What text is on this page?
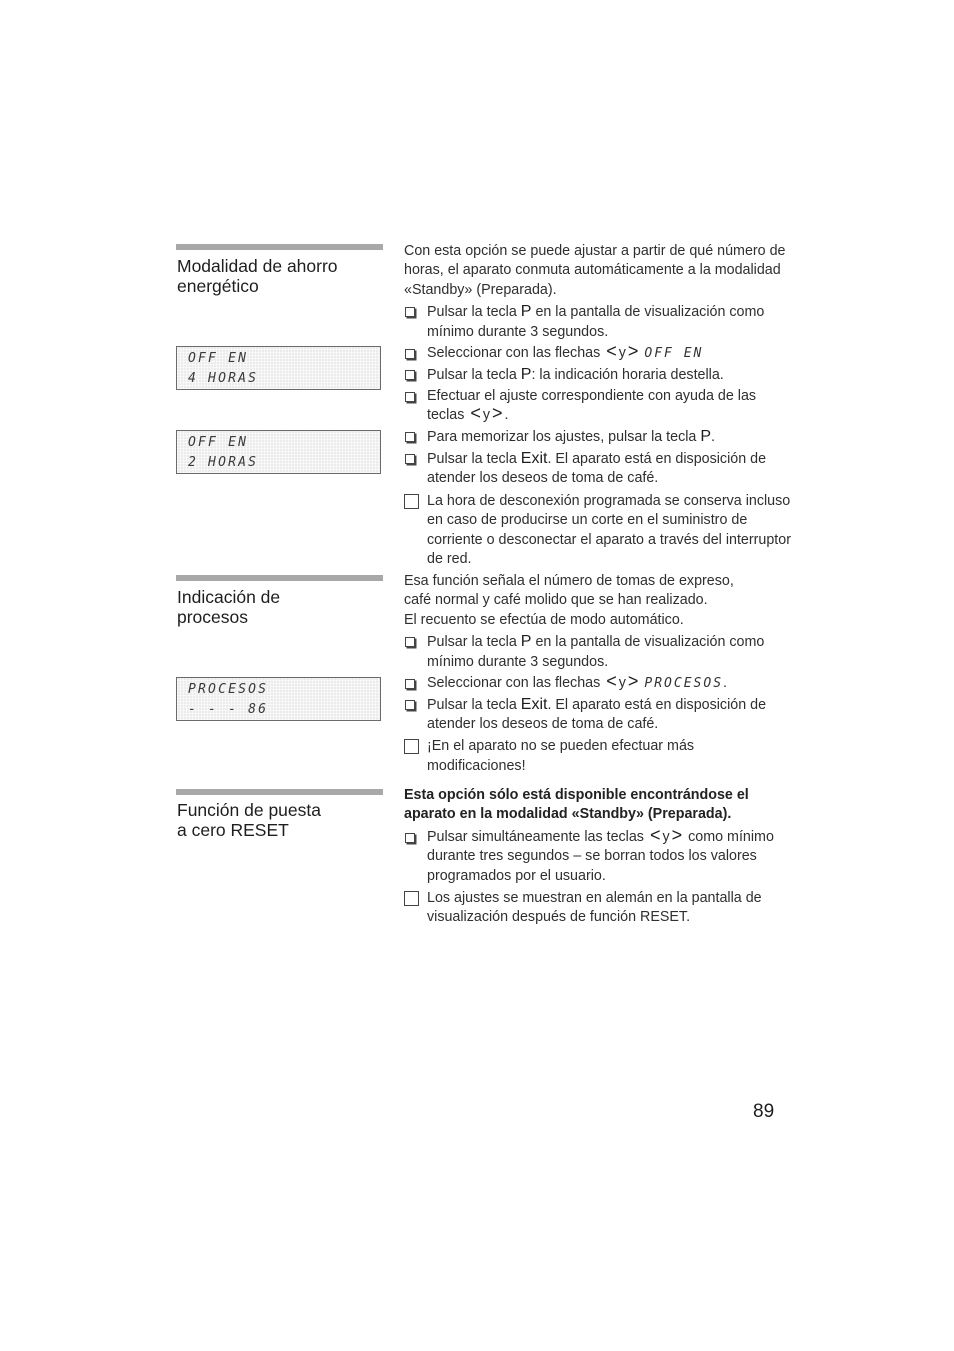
Modalidad de ahorro
energético
OFF EN
4 HORAS
OFF EN
2 HORAS

Con esta opción se puede ajustar a partir de qué número de horas, el aparato conmuta automáticamente a la modalidad «Standby» (Preparada).

Pulsar la tecla P en la pantalla de visualización como mínimo durante 3 segundos.
Seleccionar con las flechas < y > OFF EN
Pulsar la tecla P: la indicación horaria destella.
Efectuar el ajuste correspondiente con ayuda de las teclas < y > .
Para memorizar los ajustes, pulsar la tecla P.
Pulsar la tecla Exit. El aparato está en disposición de atender los deseos de toma de café.
La hora de desconexión programada se conserva incluso en caso de producirse un corte en el suministro de corriente o desconectar el aparato a través del interruptor de red.
Indicación de
procesos
PROCESOS
- - - 86

Esa función señala el número de tomas de expreso,

café normal y café molido que se han realizado.

El recuento se efectúa de modo automático.

Pulsar la tecla P en la pantalla de visualización como mínimo durante 3 segundos.
Seleccionar con las flechas < y > PROCESOS.
Pulsar la tecla Exit. El aparato está en disposición de atender los deseos de toma de café.
¡En el aparato no se pueden efectuar más modificaciones!
Función de puesta
a cero RESET

Esta opción sólo está disponible encontrándose el aparato en la modalidad «Standby» (Preparada).

Pulsar simultáneamente las teclas < y > como mínimo durante tres segundos – se borran todos los valores programados por el usuario.
Los ajustes se muestran en alemán en la pantalla de visualización después de función RESET.
89
